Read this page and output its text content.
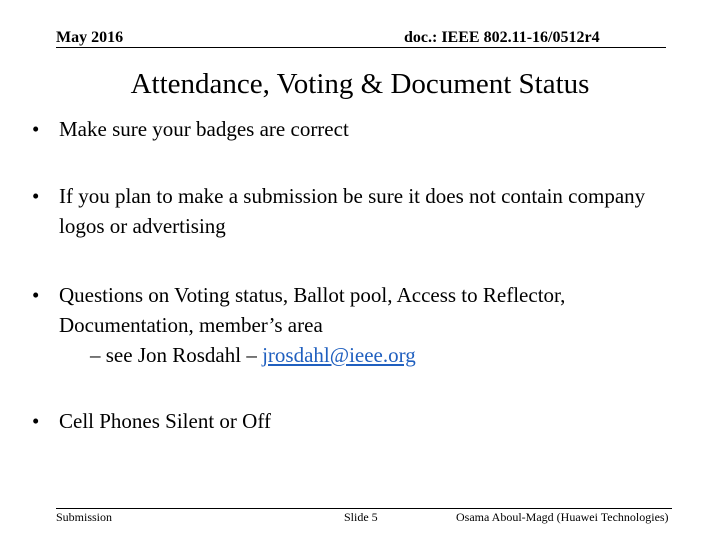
May 2016	doc.: IEEE 802.11-16/0512r4
Attendance, Voting & Document Status
• Make sure your badges are correct
• If you plan to make a submission be sure it does not contain company logos or advertising
• Questions on Voting status, Ballot pool, Access to Reflector, Documentation, member’s area
– see Jon Rosdahl – jrosdahl@ieee.org
• Cell Phones Silent or Off
Submission	Slide 5	Osama Aboul-Magd (Huawei Technologies)
